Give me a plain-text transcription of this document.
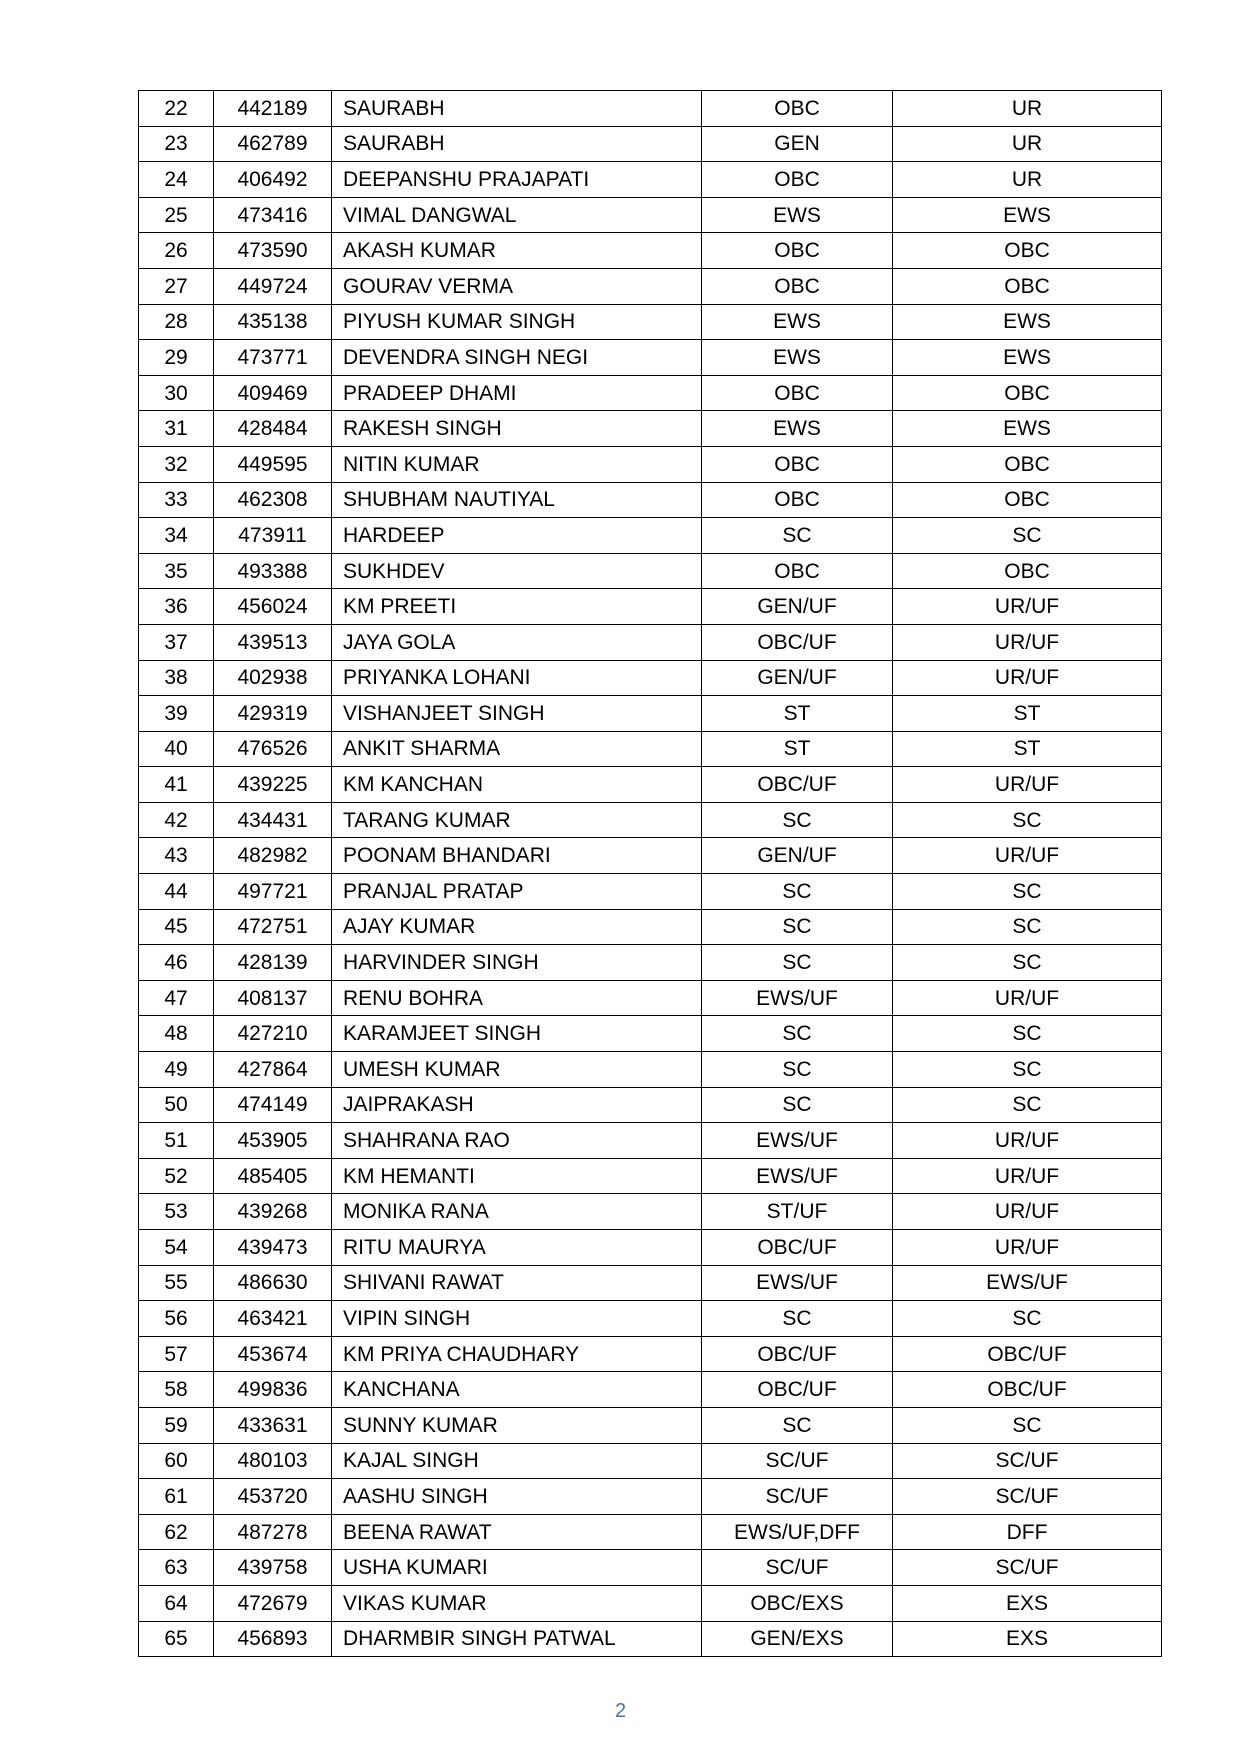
22	442189	SAURABH	OBC	UR
23	462789	SAURABH	GEN	UR
24	406492	DEEPANSHU PRAJAPATI	OBC	UR
25	473416	VIMAL DANGWAL	EWS	EWS
26	473590	AKASH KUMAR	OBC	OBC
27	449724	GOURAV VERMA	OBC	OBC
28	435138	PIYUSH KUMAR SINGH	EWS	EWS
29	473771	DEVENDRA SINGH NEGI	EWS	EWS
30	409469	PRADEEP DHAMI	OBC	OBC
31	428484	RAKESH SINGH	EWS	EWS
32	449595	NITIN KUMAR	OBC	OBC
33	462308	SHUBHAM NAUTIYAL	OBC	OBC
34	473911	HARDEEP	SC	SC
35	493388	SUKHDEV	OBC	OBC
36	456024	KM PREETI	GEN/UF	UR/UF
37	439513	JAYA GOLA	OBC/UF	UR/UF
38	402938	PRIYANKA LOHANI	GEN/UF	UR/UF
39	429319	VISHANJEET SINGH	ST	ST
40	476526	ANKIT SHARMA	ST	ST
41	439225	KM KANCHAN	OBC/UF	UR/UF
42	434431	TARANG KUMAR	SC	SC
43	482982	POONAM BHANDARI	GEN/UF	UR/UF
44	497721	PRANJAL PRATAP	SC	SC
45	472751	AJAY KUMAR	SC	SC
46	428139	HARVINDER SINGH	SC	SC
47	408137	RENU BOHRA	EWS/UF	UR/UF
48	427210	KARAMJEET SINGH	SC	SC
49	427864	UMESH KUMAR	SC	SC
50	474149	JAIPRAKASH	SC	SC
51	453905	SHAHRANA RAO	EWS/UF	UR/UF
52	485405	KM HEMANTI	EWS/UF	UR/UF
53	439268	MONIKA RANA	ST/UF	UR/UF
54	439473	RITU MAURYA	OBC/UF	UR/UF
55	486630	SHIVANI RAWAT	EWS/UF	EWS/UF
56	463421	VIPIN SINGH	SC	SC
57	453674	KM PRIYA CHAUDHARY	OBC/UF	OBC/UF
58	499836	KANCHANA	OBC/UF	OBC/UF
59	433631	SUNNY KUMAR	SC	SC
60	480103	KAJAL SINGH	SC/UF	SC/UF
61	453720	AASHU SINGH	SC/UF	SC/UF
62	487278	BEENA RAWAT	EWS/UF,DFF	DFF
63	439758	USHA KUMARI	SC/UF	SC/UF
64	472679	VIKAS KUMAR	OBC/EXS	EXS
65	456893	DHARMBIR SINGH PATWAL	GEN/EXS	EXS
2
